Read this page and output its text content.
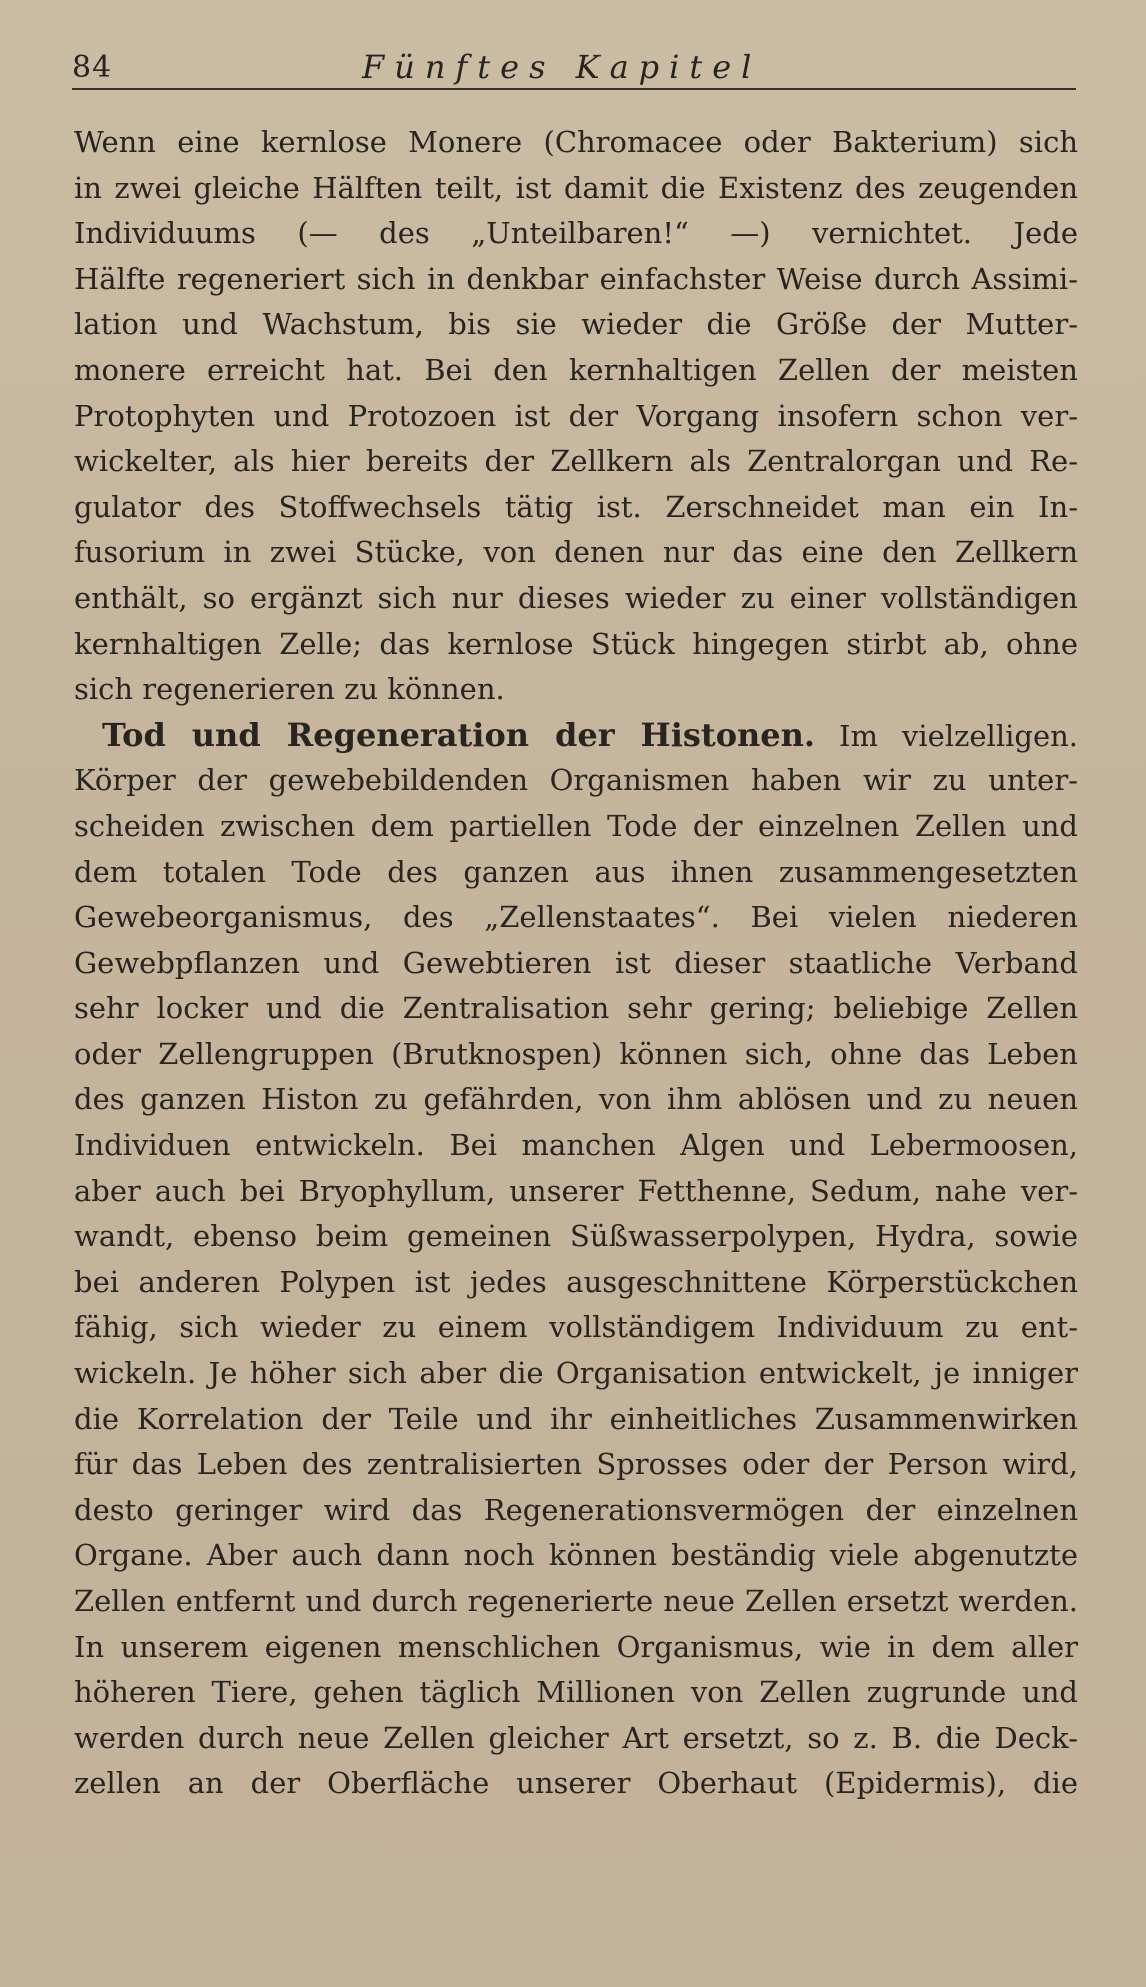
84	Fünftes Kapitel
Wenn eine kernlose Monere (Chromacee oder Bakterium) sich
in zwei gleiche Hälften teilt, ist damit die Existenz des zeugenden
Individuums (— des „Unteilbaren!“ —) vernichtet. Jede
Hälfte regeneriert sich in denkbar einfachster Weise durch Assimi-
lation und Wachstum, bis sie wieder die Größe der Mutter-
monere erreicht hat. Bei den kernhaltigen Zellen der meisten
Protophyten und Protozoen ist der Vorgang insofern schon ver-
wickelter, als hier bereits der Zellkern als Zentralorgan und Re-
gulator des Stoffwechsels tätig ist. Zerschneidet man ein In-
fusorium in zwei Stücke, von denen nur das eine den Zellkern
enthält, so ergänzt sich nur dieses wieder zu einer vollständigen
kernhaltigen Zelle; das kernlose Stück hingegen stirbt ab, ohne
sich regenerieren zu können.
Tod und Regeneration der Histonen. Im vielzelligen.
Körper der gewebebildenden Organismen haben wir zu unter-
scheiden zwischen dem partiellen Tode der einzelnen Zellen und
dem totalen Tode des ganzen aus ihnen zusammengesetzten
Gewebeorganismus, des „Zellenstaates“. Bei vielen niederen
Gewebpflanzen und Gewebtieren ist dieser staatliche Verband
sehr locker und die Zentralisation sehr gering; beliebige Zellen
oder Zellengruppen (Brutknospen) können sich, ohne das Leben
des ganzen Histon zu gefährden, von ihm ablösen und zu neuen
Individuen entwickeln. Bei manchen Algen und Lebermoosen,
aber auch bei Bryophyllum, unserer Fetthenne, Sedum, nahe ver-
wandt, ebenso beim gemeinen Süßwasserpolypen, Hydra, sowie
bei anderen Polypen ist jedes ausgeschnittene Körperstückchen
fähig, sich wieder zu einem vollständigem Individuum zu ent-
wickeln. Je höher sich aber die Organisation entwickelt, je inniger
die Korrelation der Teile und ihr einheitliches Zusammenwirken
für das Leben des zentralisierten Sprosses oder der Person wird,
desto geringer wird das Regenerationsvermögen der einzelnen
Organe. Aber auch dann noch können beständig viele abgenutzte
Zellen entfernt und durch regenerierte neue Zellen ersetzt werden.
In unserem eigenen menschlichen Organismus, wie in dem aller
höheren Tiere, gehen täglich Millionen von Zellen zugrunde und
werden durch neue Zellen gleicher Art ersetzt, so z. B. die Deck-
zellen an der Oberfläche unserer Oberhaut (Epidermis), die
